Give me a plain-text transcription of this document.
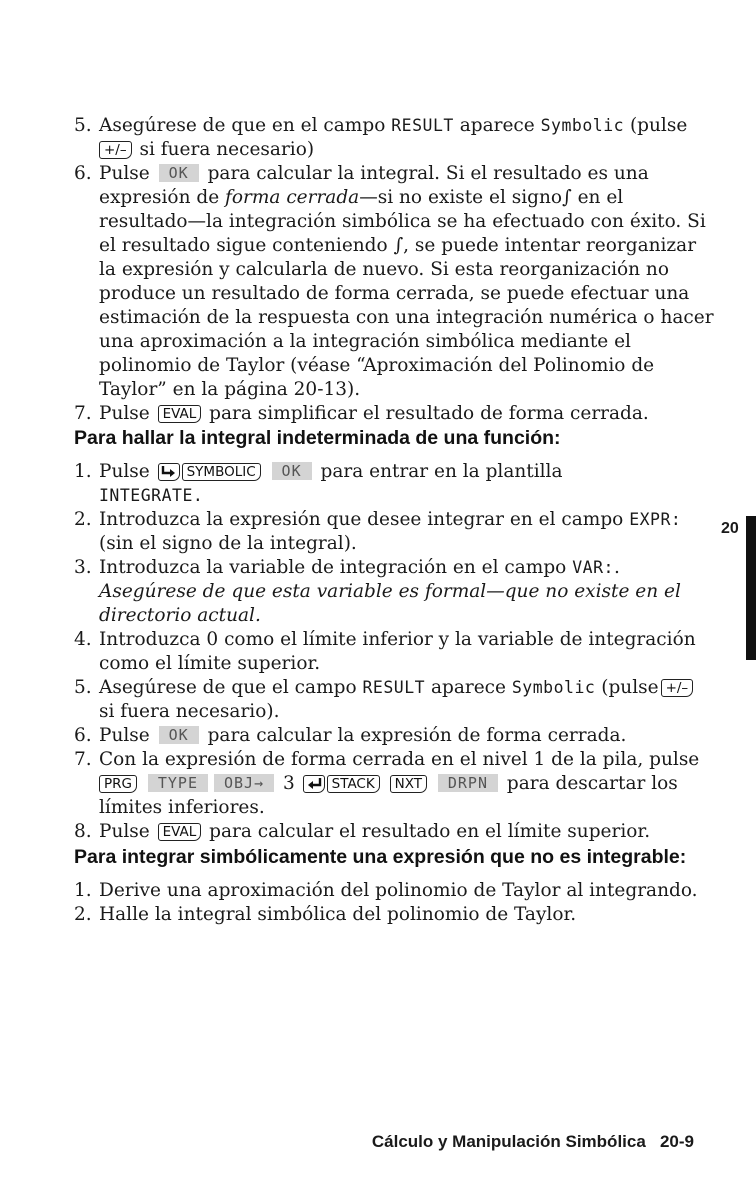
5. Asegúrese de que en el campo RESULT aparece Symbolic (pulse
+/– si fuera necesario)
6. Pulse OK para calcular la integral. Si el resultado es una expresión de forma cerrada—si no existe el signo∫ en el resultado—la integración simbólica se ha efectuado con éxito. Si el resultado sigue conteniendo ∫, se puede intentar reorganizar la expresión y calcularla de nuevo. Si esta reorganización no produce un resultado de forma cerrada, se puede efectuar una estimación de la respuesta con una integración numérica o hacer una aproximación a la integración simbólica mediante el polinomio de Taylor (véase “Aproximación del Polinomio de Taylor” en la página 20-13).
7. Pulse EVAL para simplificar el resultado de forma cerrada.
Para hallar la integral indeterminada de una función:
1. Pulse SYMBOLIC OK para entrar en la plantilla
INTEGRATE.
2. Introduzca la expresión que desee integrar en el campo EXPR: (sin el signo de la integral).
3. Introduzca la variable de integración en el campo VAR:. Asegúrese de que esta variable es formal—que no existe en el directorio actual.
4. Introduzca 0 como el límite inferior y la variable de integración como el límite superior.
5. Asegúrese de que el campo RESULT aparece Symbolic (pulse +/– si fuera necesario).
6. Pulse OK para calcular la expresión de forma cerrada.
7. Con la expresión de forma cerrada en el nivel 1 de la pila, pulse
PRG TYPE OBJ→ 3 STACK NXT DRPN para descartar los límites inferiores.
8. Pulse EVAL para calcular el resultado en el límite superior.
Para integrar simbólicamente una expresión que no es integrable:
1. Derive una aproximación del polinomio de Taylor al integrando.
2. Halle la integral simbólica del polinomio de Taylor.
20
Cálculo y Manipulación Simbólica   20-9
